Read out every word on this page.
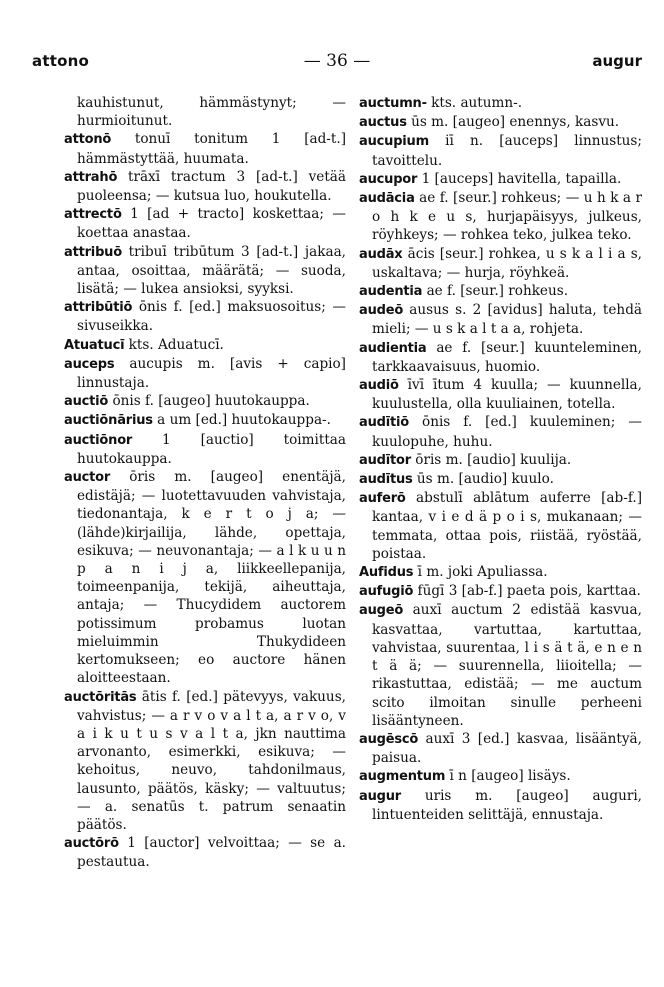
attono	— 36 —	augur
kauhistunut, hämmästynyt; — hurmioitunut.
attonō tonuī tonitum 1 [ad-t.] hämmästyttää, huumata.
attrahō trāxī tractum 3 [ad-t.] vetää puoleensa; — kutsua luo, houkutella.
attrectō 1 [ad + tracto] koskettaa; — koettaa anastaa.
attribuō tribuī tribūtum 3 [ad-t.] jakaa, antaa, osoittaa, määrätä; — suoda, lisätä; — lukea ansioksi, syyksi.
attribūtiō ōnis f. [ed.] maksuosoitus; — sivuseikka.
Atuatucī kts. Aduatucī.
auceps aucupis m. [avis + capio] linnustaja.
auctiō ōnis f. [augeo] huutokauppa.
auctiōnārius a um [ed.] huutokauppa-.
auctiōnor 1 [auctio] toimittaa huutokauppa.
auctor ōris m. [augeo] enentäjä, edistäjä; — luotettavuuden vahvistaja, tiedonantaja, k e r t o j a; — (lähde)kirjailija, lähde, opettaja, esikuva; — neuvonantaja; — a l k u u n p a n i j a, liikkeellepanija, toimeenpanija, tekijä, aiheuttaja, antaja; — Thucydidem auctorem potissimum probamus luotan mieluimmin Thukydideen kertomukseen; eo auctore hänen aloitteestaan.
auctōritās ātis f. [ed.] pätevyys, vakuus, vahvistus; — a r v o v a l t a, a r v o, v a i k u t u s v a l t a, jkn nauttima arvonanto, esimerkki, esikuva; — kehoitus, neuvo, tahdonilmaus, lausunto, päätös, käsky; — valtuutus; — a. senatūs t. patrum senaatin päätös.
auctōrō 1 [auctor] velvoittaa; — se a. pestautua.
auctumn- kts. autumn-.
auctus ūs m. [augeo] enennys, kasvu.
aucupium iī n. [auceps] linnustus; tavoittelu.
aucupor 1 [auceps] havitella, tapailla.
audācia ae f. [seur.] rohkeus; — u h k a r o h k e u s, hurjapäisyys, julkeus, röyhkeys; — rohkea teko, julkea teko.
audāx ācis [seur.] rohkea, u s k a l i a s, uskaltava; — hurja, röyhkeä.
audentia ae f. [seur.] rohkeus.
audeō ausus s. 2 [avidus] haluta, tehdä mieli; — u s k a l t a a, rohjeta.
audientia ae f. [seur.] kuunteleminen, tarkkaavaisuus, huomio.
audiō īvī ītum 4 kuulla; — kuunnella, kuulustella, olla kuuliainen, totella.
audītiō ōnis f. [ed.] kuuleminen; — kuulopuhe, huhu.
audītor ōris m. [audio] kuulija.
audītus ūs m. [audio] kuulo.
auferō abstulī ablātum auferre [ab-f.] kantaa, v i e d ä p o i s, mukanaan; — temmata, ottaa pois, riistää, ryöstää, poistaa.
Aufidus ī m. joki Apuliassa.
aufugiō fūgī 3 [ab-f.] paeta pois, karttaa.
augeō auxī auctum 2 edistää kasvua, kasvattaa, vartuttaa, kartuttaa, vahvistaa, suurentaa, l i s ä t ä, e n e n t ä ä; — suurennella, liioitella; — rikastuttaa, edistää; — me auctum scito ilmoitan sinulle perheeni lisääntyneen.
augēscō auxī 3 [ed.] kasvaa, lisääntyä, paisua.
augmentum ī n [augeo] lisäys.
augur uris m. [augeo] auguri, lintuenteiden selittäjä, ennustaja.
